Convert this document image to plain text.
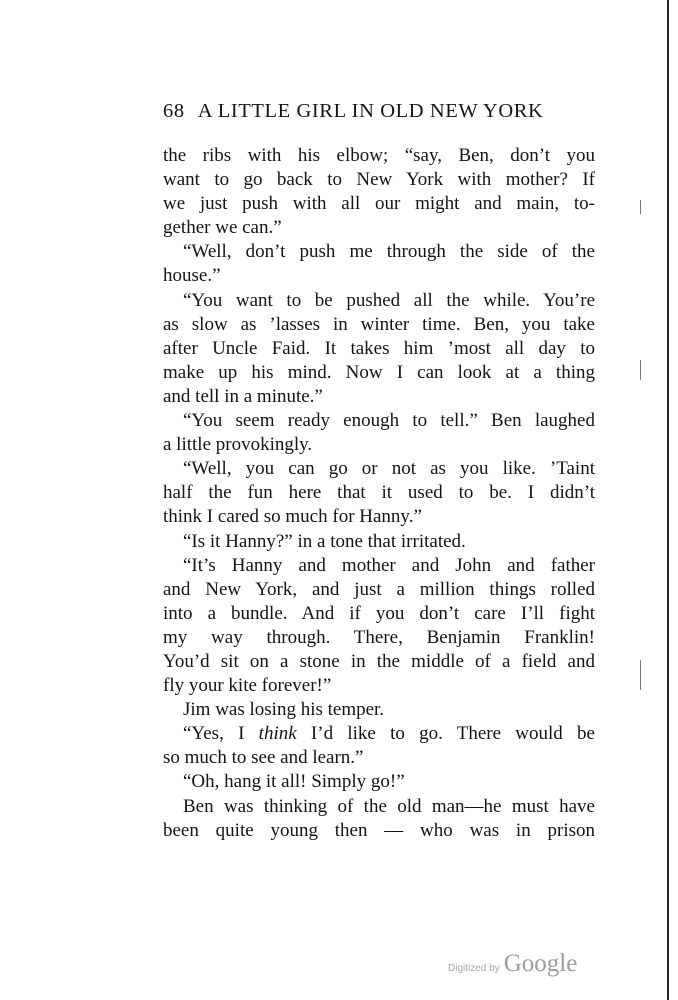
68 A LITTLE GIRL IN OLD NEW YORK
the ribs with his elbow; “say, Ben, don’t you
want to go back to New York with mother? If
we just push with all our might and main, to-
gether we can.”
“Well, don’t push me through the side of the
house.”
“You want to be pushed all the while. You’re
as slow as ’lasses in winter time. Ben, you take
after Uncle Faid. It takes him ’most all day to
make up his mind. Now I can look at a thing
and tell in a minute.”
“You seem ready enough to tell.” Ben laughed
a little provokingly.
“Well, you can go or not as you like. ’Taint
half the fun here that it used to be. I didn’t
think I cared so much for Hanny.”
“Is it Hanny?” in a tone that irritated.
“It’s Hanny and mother and John and father
and New York, and just a million things rolled
into a bundle. And if you don’t care I’ll fight
my way through. There, Benjamin Franklin!
You’d sit on a stone in the middle of a field and
fly your kite forever!”
Jim was losing his temper.
“Yes, I think I’d like to go. There would be
so much to see and learn.”
“Oh, hang it all! Simply go!”
Ben was thinking of the old man—he must have
been quite young then — who was in prison
Digitized by Google
